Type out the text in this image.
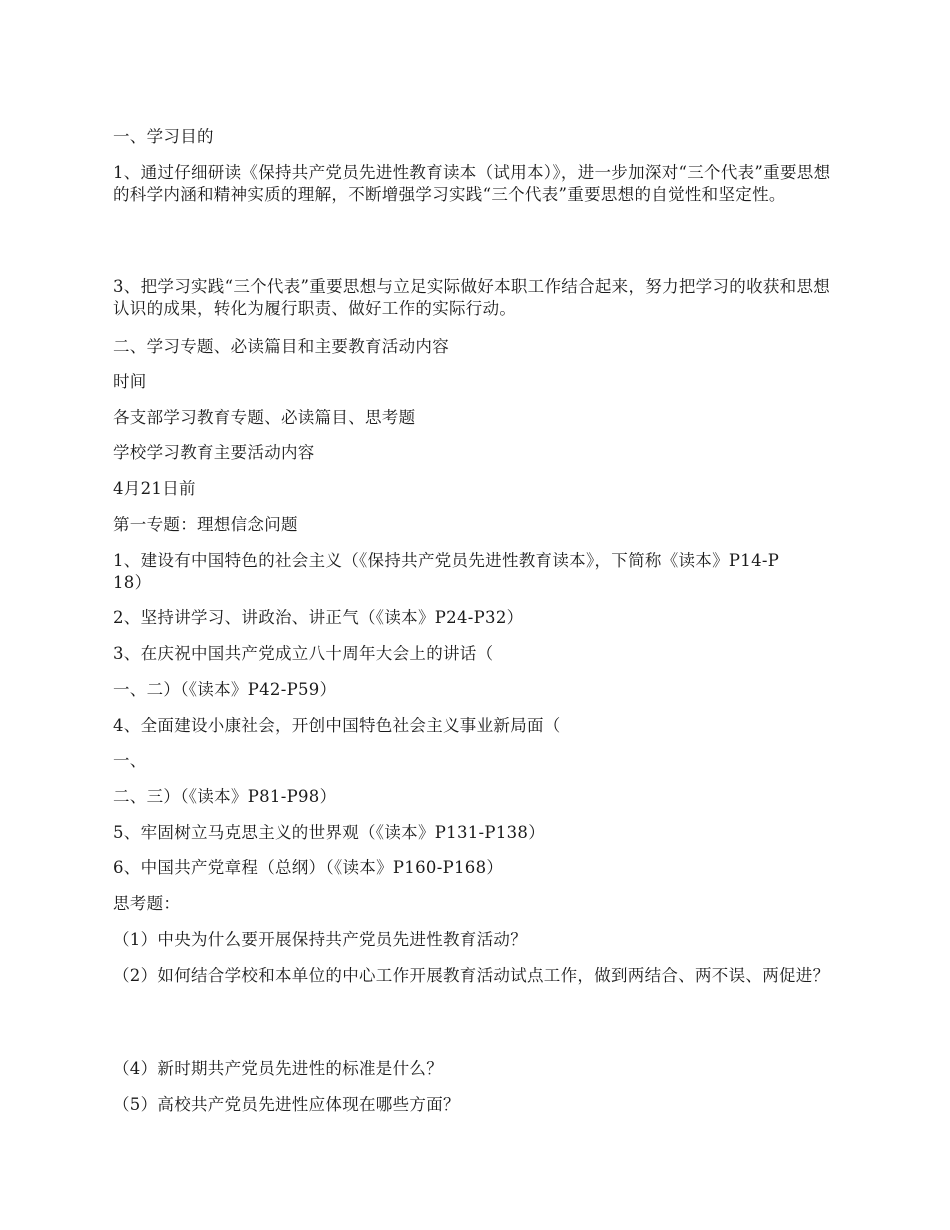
一、学习目的
1、通过仔细研读《保持共产党员先进性教育读本（试用本）》，进一步加深对“三个代表”重要思想的科学内涵和精神实质的理解，不断增强学习实践“三个代表”重要思想的自觉性和坚定性。
3、把学习实践“三个代表”重要思想与立足实际做好本职工作结合起来，努力把学习的收获和思想认识的成果，转化为履行职责、做好工作的实际行动。
二、学习专题、必读篇目和主要教育活动内容
时间
各支部学习教育专题、必读篇目、思考题
学校学习教育主要活动内容
4月21日前
第一专题：理想信念问题
1、建设有中国特色的社会主义（《保持共产党员先进性教育读本》，下简称《读本》P14-P18）
2、坚持讲学习、讲政治、讲正气（《读本》P24-P32）
3、在庆祝中国共产党成立八十周年大会上的讲话（
一、二）（《读本》P42-P59）
4、全面建设小康社会，开创中国特色社会主义事业新局面（
一、
二、三）（《读本》P81-P98）
5、牢固树立马克思主义的世界观（《读本》P131-P138）
6、中国共产党章程（总纲）（《读本》P160-P168）
思考题：
（1）中央为什么要开展保持共产党员先进性教育活动？
（2）如何结合学校和本单位的中心工作开展教育活动试点工作，做到两结合、两不误、两促进？
（4）新时期共产党员先进性的标准是什么？
（5）高校共产党员先进性应体现在哪些方面？
